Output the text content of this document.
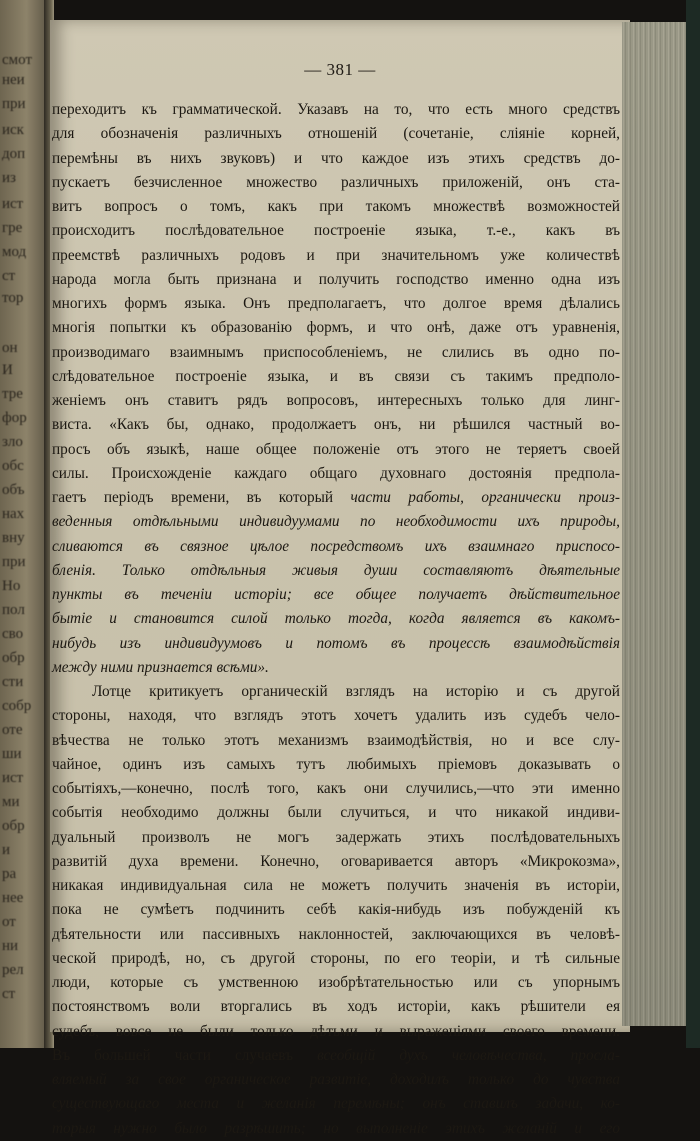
смот
неи
при
иск
доп
из
ист
гре
мод
ст
тор
он
И
тре
фор
зло
обс
объ
нах
вну
при
Но
пол
сво
обр
сти
собр
оте
ши
ист
ми
обр
и
ра
нее
от
ни
рел
ст
— 381 —
переходитъ къ грамматической. Указавъ на то, что есть много средствъ
для обозначенія различныхъ отношеній (сочетаніе, сліяніе корней,
перемѣны въ нихъ звуковъ) и что каждое изъ этихъ средствъ до-
пускаетъ безчисленное множество различныхъ приложеній, онъ ста-
витъ вопросъ о томъ, какъ при такомъ множествѣ возможностей
происходитъ послѣдовательное построеніе языка, т.-е., какъ въ
преемствѣ различныхъ родовъ и при значительномъ уже количествѣ
народа могла быть признана и получить господство именно одна изъ
многихъ формъ языка. Онъ предполагаетъ, что долгое время дѣлались
многія попытки къ образованію формъ, и что онѣ, даже отъ уравненія,
производимаго взаимнымъ приспособленіемъ, не слились въ одно по-
слѣдовательное построеніе языка, и въ связи съ такимъ предполо-
женіемъ онъ ставитъ рядъ вопросовъ, интересныхъ только для линг-
виста. «Какъ бы, однако, продолжаетъ онъ, ни рѣшился частный во-
просъ объ языкѣ, наше общее положеніе отъ этого не теряетъ своей
силы. Происхожденіе каждаго общаго духовнаго достоянія предпола-
гаетъ періодъ времени, въ который части работы, органически произ-
веденныя отдѣльными индивидуумами по необходимости ихъ природы,
сливаются въ связное цѣлое посредствомъ ихъ взаимнаго приспосо-
бленія. Только отдѣльныя живыя души составляютъ дѣятельные
пункты въ теченіи исторіи; все общее получаетъ дѣйствительное
бытіе и становится силой только тогда, когда является въ какомъ-
нибудь изъ индивидуумовъ и потомъ въ процессѣ взаимодѣйствія
между ними признается всѣми».
Лотце критикуетъ органическій взглядъ на исторію и съ другой
стороны, находя, что взглядъ этотъ хочетъ удалить изъ судебъ чело-
вѣчества не только этотъ механизмъ взаимодѣйствія, но и все слу-
чайное, одинъ изъ самыхъ тутъ любимыхъ пріемовъ доказывать о
событіяхъ,—конечно, послѣ того, какъ они случились,—что эти именно
событія необходимо должны были случиться, и что никакой индиви-
дуальный произволъ не могъ задержать этихъ послѣдовательныхъ
развитій духа времени. Конечно, оговаривается авторъ «Микрокозма»,
никакая индивидуальная сила не можетъ получить значенія въ исторіи,
пока не сумѣетъ подчинить себѣ какія-нибудь изъ побужденій къ
дѣятельности или пассивныхъ наклонностей, заключающихся въ человѣ-
ческой природѣ, но, съ другой стороны, по его теоріи, и тѣ сильные
люди, которые съ умственною изобрѣтательностью или съ упорнымъ
постоянствомъ воли вторгались въ ходъ исторіи, какъ рѣшители ея
судебъ, вовсе не были только дѣтьми и выраженіями своего времени.
Въ большей части случаевъ всеобщій духъ человѣчества, просла-
вляемый за свое органическое развитіе, доходилъ только до чувства
существующаго места и желанія перемѣны; онъ ставилъ задачи, ко-
торыя нужно было разрѣшить; но выполненіе этихъ желаній и его
